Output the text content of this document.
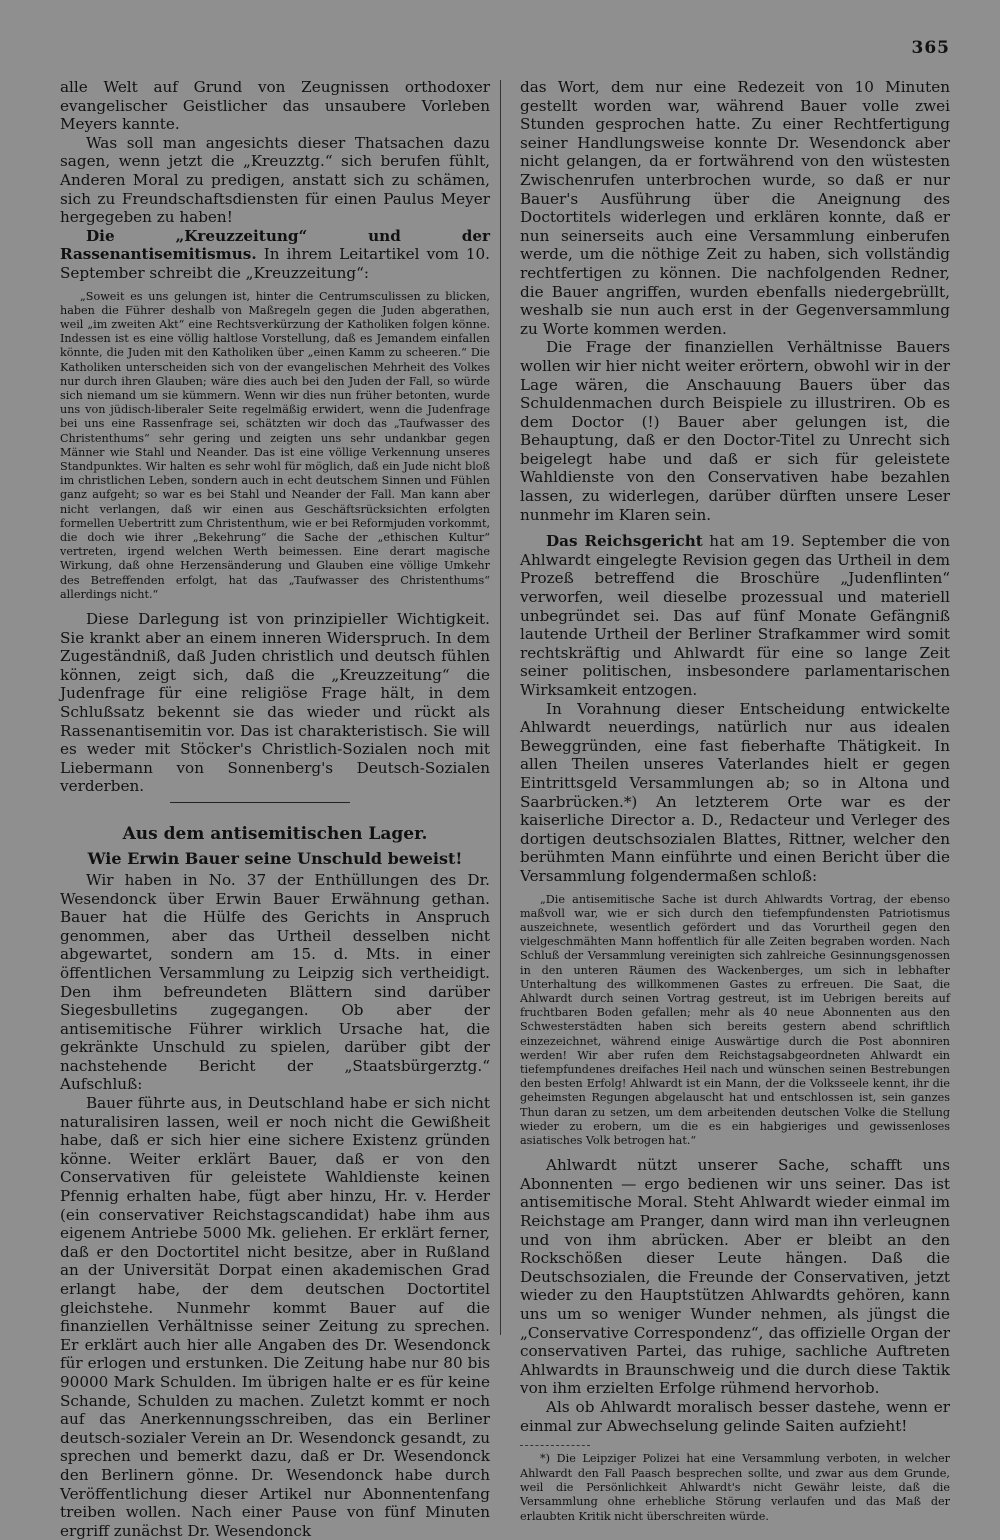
365

alle Welt auf Grund von Zeugnissen orthodoxer evangelischer Geistlicher das unsaubere Vorleben Meyers kannte.

Was soll man angesichts dieser Thatsachen dazu sagen, wenn jetzt die „Kreuzztg.“ sich berufen fühlt, Anderen Moral zu predigen, anstatt sich zu schämen, sich zu Freundschaftsdiensten für einen Paulus Meyer hergegeben zu haben!

Die „Kreuzzeitung“ und der Rassenantisemitismus. In ihrem Leitartikel vom 10. September schreibt die „Kreuzzeitung“:

„Soweit es uns gelungen ist, hinter die Centrumsculissen zu blicken, haben die Führer deshalb von Maßregeln gegen die Juden abgerathen, weil „im zweiten Akt“ eine Rechtsverkürzung der Katholiken folgen könne. Indessen ist es eine völlig haltlose Vorstellung, daß es Jemandem einfallen könnte, die Juden mit den Katholiken über „einen Kamm zu scheeren.“ Die Katholiken unterscheiden sich von der evangelischen Mehrheit des Volkes nur durch ihren Glauben; wäre dies auch bei den Juden der Fall, so würde sich niemand um sie kümmern. Wenn wir dies nun früher betonten, wurde uns von jüdisch-liberaler Seite regelmäßig erwidert, wenn die Judenfrage bei uns eine Rassenfrage sei, schätzten wir doch das „Taufwasser des Christenthums“ sehr gering und zeigten uns sehr undankbar gegen Männer wie Stahl und Neander. Das ist eine völlige Verkennung unseres Standpunktes. Wir halten es sehr wohl für möglich, daß ein Jude nicht bloß im christlichen Leben, sondern auch in echt deutschem Sinnen und Fühlen ganz aufgeht; so war es bei Stahl und Neander der Fall. Man kann aber nicht verlangen, daß wir einen aus Geschäftsrücksichten erfolgten formellen Uebertritt zum Christenthum, wie er bei Reformjuden vorkommt, die doch wie ihrer „Bekehrung“ die Sache der „ethischen Kultur“ vertreten, irgend welchen Werth beimessen. Eine derart magische Wirkung, daß ohne Herzensänderung und Glauben eine völlige Umkehr des Betreffenden erfolgt, hat das „Taufwasser des Christenthums“ allerdings nicht.“

Diese Darlegung ist von prinzipieller Wichtigkeit. Sie krankt aber an einem inneren Widerspruch. In dem Zugeständniß, daß Juden christlich und deutsch fühlen können, zeigt sich, daß die „Kreuzzeitung“ die Judenfrage für eine religiöse Frage hält, in dem Schlußsatz bekennt sie das wieder und rückt als Rassenantisemitin vor. Das ist charakteristisch. Sie will es weder mit Stöcker's Christlich-Sozialen noch mit Liebermann von Sonnenberg's Deutsch-Sozialen verderben.

Aus dem antisemitischen Lager.
Wie Erwin Bauer seine Unschuld beweist!

Wir haben in No. 37 der Enthüllungen des Dr. Wesendonck über Erwin Bauer Erwähnung gethan. Bauer hat die Hülfe des Gerichts in Anspruch genommen, aber das Urtheil desselben nicht abgewartet, sondern am 15. d. Mts. in einer öffentlichen Versammlung zu Leipzig sich vertheidigt. Den ihm befreundeten Blättern sind darüber Siegesbulletins zugegangen. Ob aber der antisemitische Führer wirklich Ursache hat, die gekränkte Unschuld zu spielen, darüber gibt der nachstehende Bericht der „Staatsbürgerztg.“ Aufschluß:

Bauer führte aus, in Deutschland habe er sich nicht naturalisiren lassen, weil er noch nicht die Gewißheit habe, daß er sich hier eine sichere Existenz gründen könne. Weiter erklärt Bauer, daß er von den Conservativen für geleistete Wahldienste keinen Pfennig erhalten habe, fügt aber hinzu, Hr. v. Herder (ein conservativer Reichstagscandidat) habe ihm aus eigenem Antriebe 5000 Mk. geliehen. Er erklärt ferner, daß er den Doctortitel nicht besitze, aber in Rußland an der Universität Dorpat einen akademischen Grad erlangt habe, der dem deutschen Doctortitel gleichstehe. Nunmehr kommt Bauer auf die finanziellen Verhältnisse seiner Zeitung zu sprechen. Er erklärt auch hier alle Angaben des Dr. Wesendonck für erlogen und erstunken. Die Zeitung habe nur 80 bis 90000 Mark Schulden. Im übrigen halte er es für keine Schande, Schulden zu machen. Zuletzt kommt er noch auf das Anerkennungsschreiben, das ein Berliner deutsch-sozialer Verein an Dr. Wesendonck gesandt, zu sprechen und bemerkt dazu, daß er Dr. Wesendonck den Berlinern gönne. Dr. Wesendonck habe durch Veröffentlichung dieser Artikel nur Abonnentenfang treiben wollen. Nach einer Pause von fünf Minuten ergriff zunächst Dr. Wesendonck

das Wort, dem nur eine Redezeit von 10 Minuten gestellt worden war, während Bauer volle zwei Stunden gesprochen hatte. Zu einer Rechtfertigung seiner Handlungsweise konnte Dr. Wesendonck aber nicht gelangen, da er fortwährend von den wüstesten Zwischenrufen unterbrochen wurde, so daß er nur Bauer's Ausführung über die Aneignung des Doctortitels widerlegen und erklären konnte, daß er nun seinerseits auch eine Versammlung einberufen werde, um die nöthige Zeit zu haben, sich vollständig rechtfertigen zu können. Die nachfolgenden Redner, die Bauer angriffen, wurden ebenfalls niedergebrüllt, weshalb sie nun auch erst in der Gegenversammlung zu Worte kommen werden.

Die Frage der finanziellen Verhältnisse Bauers wollen wir hier nicht weiter erörtern, obwohl wir in der Lage wären, die Anschauung Bauers über das Schuldenmachen durch Beispiele zu illustriren. Ob es dem Doctor (!) Bauer aber gelungen ist, die Behauptung, daß er den Doctor-Titel zu Unrecht sich beigelegt habe und daß er sich für geleistete Wahldienste von den Conservativen habe bezahlen lassen, zu widerlegen, darüber dürften unsere Leser nunmehr im Klaren sein.

Das Reichsgericht hat am 19. September die von Ahlwardt eingelegte Revision gegen das Urtheil in dem Prozeß betreffend die Broschüre „Judenflinten“ verworfen, weil dieselbe prozessual und materiell unbegründet sei. Das auf fünf Monate Gefängniß lautende Urtheil der Berliner Strafkammer wird somit rechtskräftig und Ahlwardt für eine so lange Zeit seiner politischen, insbesondere parlamentarischen Wirksamkeit entzogen.

In Vorahnung dieser Entscheidung entwickelte Ahlwardt neuerdings, natürlich nur aus idealen Beweggründen, eine fast fieberhafte Thätigkeit. In allen Theilen unseres Vaterlandes hielt er gegen Eintrittsgeld Versammlungen ab; so in Altona und Saarbrücken.*) An letzterem Orte war es der kaiserliche Director a. D., Redacteur und Verleger des dortigen deutschsozialen Blattes, Rittner, welcher den berühmten Mann einführte und einen Bericht über die Versammlung folgendermaßen schloß:

„Die antisemitische Sache ist durch Ahlwardts Vortrag, der ebenso maßvoll war, wie er sich durch den tiefempfundensten Patriotismus auszeichnete, wesentlich gefördert und das Vorurtheil gegen den vielgeschmähten Mann hoffentlich für alle Zeiten begraben worden. Nach Schluß der Versammlung vereinigten sich zahlreiche Gesinnungsgenossen in den unteren Räumen des Wackenberges, um sich in lebhafter Unterhaltung des willkommenen Gastes zu erfreuen. Die Saat, die Ahlwardt durch seinen Vortrag gestreut, ist im Uebrigen bereits auf fruchtbaren Boden gefallen; mehr als 40 neue Abonnenten aus den Schwesterstädten haben sich bereits gestern abend schriftlich einzezeichnet, während einige Auswärtige durch die Post abonniren werden! Wir aber rufen dem Reichstagsabgeordneten Ahlwardt ein tiefempfundenes dreifaches Heil nach und wünschen seinen Bestrebungen den besten Erfolg! Ahlwardt ist ein Mann, der die Volksseele kennt, ihr die geheimsten Regungen abgelauscht hat und entschlossen ist, sein ganzes Thun daran zu setzen, um dem arbeitenden deutschen Volke die Stellung wieder zu erobern, um die es ein habgieriges und gewissenloses asiatisches Volk betrogen hat.“

Ahlwardt nützt unserer Sache, schafft uns Abonnenten — ergo bedienen wir uns seiner. Das ist antisemitische Moral. Steht Ahlwardt wieder einmal im Reichstage am Pranger, dann wird man ihn verleugnen und von ihm abrücken. Aber er bleibt an den Rockschößen dieser Leute hängen. Daß die Deutschsozialen, die Freunde der Conservativen, jetzt wieder zu den Hauptstützen Ahlwardts gehören, kann uns um so weniger Wunder nehmen, als jüngst die „Conservative Correspondenz“, das offizielle Organ der conservativen Partei, das ruhige, sachliche Auftreten Ahlwardts in Braunschweig und die durch diese Taktik von ihm erzielten Erfolge rühmend hervorhob.

Als ob Ahlwardt moralisch besser dastehe, wenn er einmal zur Abwechselung gelinde Saiten aufzieht!

*) Die Leipziger Polizei hat eine Versammlung verboten, in welcher Ahlwardt den Fall Paasch besprechen sollte, und zwar aus dem Grunde, weil die Persönlichkeit Ahlwardt's nicht Gewähr leiste, daß die Versammlung ohne erhebliche Störung verlaufen und das Maß der erlaubten Kritik nicht überschreiten würde.
